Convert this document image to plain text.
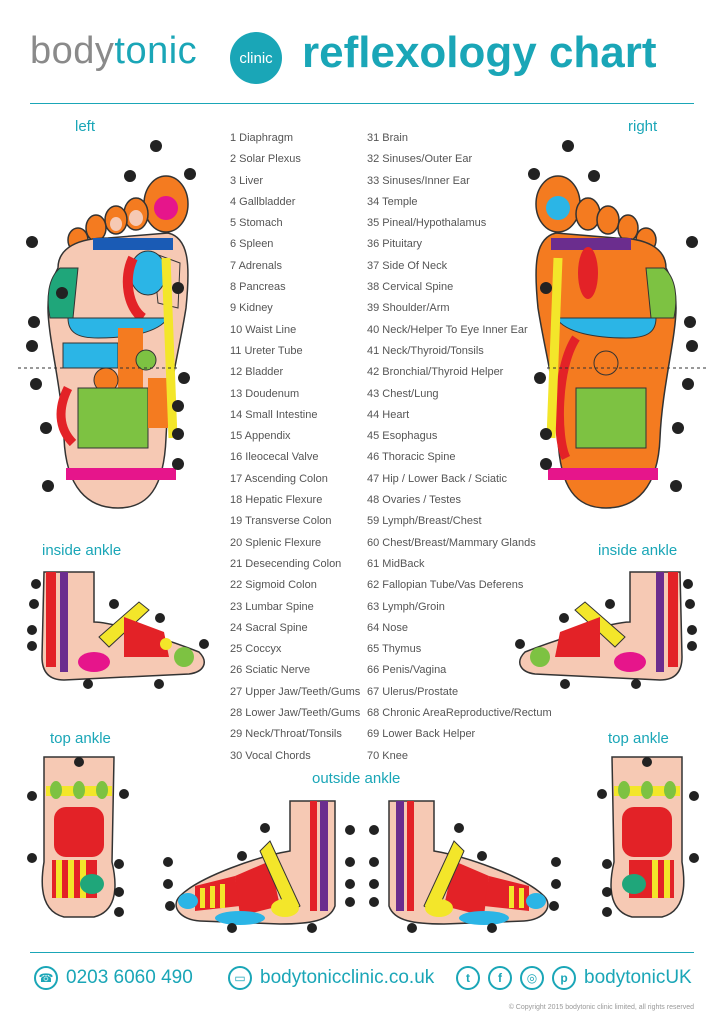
bodytonic	clinic reflexology chart
left	right
inside ankle	inside ankle
top ankle	top ankle
outside ankle
1 Diaphragm
2 Solar Plexus
3 Liver
4 Gallbladder
5 Stomach
6 Spleen
7 Adrenals
8 Pancreas
9 Kidney
10 Waist Line
11 Ureter Tube
12 Bladder
13 Doudenum
14 Small Intestine
15 Appendix
16 Ileocecal Valve
17 Ascending Colon
18 Hepatic Flexure
19 Transverse Colon
20 Splenic Flexure
21 Desecending Colon
22 Sigmoid Colon
23 Lumbar Spine
24 Sacral Spine
25 Coccyx
26 Sciatic Nerve
27 Upper Jaw/Teeth/Gums
28 Lower Jaw/Teeth/Gums
29 Neck/Throat/Tonsils
30 Vocal Chords
31 Brain
32 Sinuses/Outer Ear
33 Sinuses/Inner Ear
34 Temple
35 Pineal/Hypothalamus
36 Pituitary
37 Side Of Neck
38 Cervical Spine
39 Shoulder/Arm
40 Neck/Helper To Eye Inner Ear
41 Neck/Thyroid/Tonsils
42 Bronchial/Thyroid Helper
43 Chest/Lung
44 Heart
45 Esophagus
46 Thoracic Spine
47 Hip / Lower Back / Sciatic
48 Ovaries / Testes
59 Lymph/Breast/Chest
60 Chest/Breast/Mammary Glands
61 MidBack
62 Fallopian Tube/Vas Deferens
63 Lymph/Groin
64 Nose
65 Thymus
66 Penis/Vagina
67 Ulerus/Prostate
68 Chronic AreaReproductive/Rectum
69 Lower Back Helper
70 Knee
☎ 0203 6060 490	▭ bodytonicclinic.co.uk	t	f	◎	p bodytonicUK
© Copyright 2015 bodytonic clinic limited, all rights reserved
